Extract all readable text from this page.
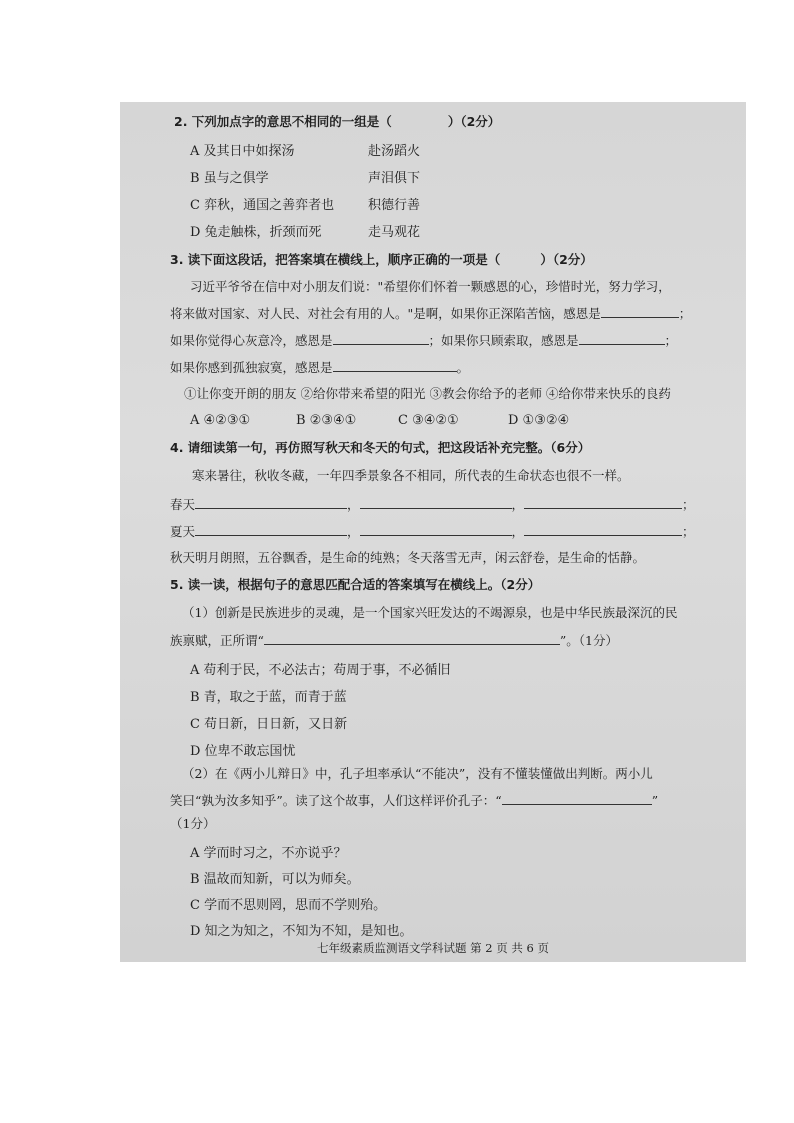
2. 下列加点字的意思不相同的一组是（	）（2分）
A 及其日中如探汤	赴汤蹈火
B 虽与之俱学	声泪俱下
C 弈秋，通国之善弈者也	积德行善
D 兔走触株，折颈而死	走马观花
3. 读下面这段话，把答案填在横线上，顺序正确的一项是（	）（2分）
习近平爷爷在信中对小朋友们说："希望你们怀着一颗感恩的心，珍惜时光，努力学习，
将来做对国家、对人民、对社会有用的人。"是啊，如果你正深陷苦恼，感恩是	；
如果你觉得心灰意冷，感恩是	；如果你只顾索取，感恩是	；
如果你感到孤独寂寞，感恩是	。
①让你变开朗的朋友 ②给你带来希望的阳光 ③教会你给予的老师 ④给你带来快乐的良药
A ④②③①	B ②③④①	C ③④②①	D ①③②④
4. 请细读第一句，再仿照写秋天和冬天的句式，把这段话补充完整。（6分）
寒来暑往，秋收冬藏，一年四季景象各不相同，所代表的生命状态也很不一样。
春天	，	，	；
夏天	，	，	；
秋天明月朗照，五谷飘香，是生命的纯熟；冬天落雪无声，闲云舒卷，是生命的恬静。
5. 读一读，根据句子的意思匹配合适的答案填写在横线上。（2分）
（1）创新是民族进步的灵魂，是一个国家兴旺发达的不竭源泉，也是中华民族最深沉的民
族禀赋，正所谓“	”。（1分）
A 苟利于民，不必法古；苟周于事，不必循旧
B 青，取之于蓝，而青于蓝
C 苟日新，日日新，又日新
D 位卑不敢忘国忧
（2）在《两小儿辩日》中，孔子坦率承认“不能决”，没有不懂装懂做出判断。两小儿
笑曰“孰为汝多知乎”。读了这个故事，人们这样评价孔子：“	”
（1分）
A 学而时习之，不亦说乎？
B 温故而知新，可以为师矣。
C 学而不思则罔，思而不学则殆。
D 知之为知之，不知为不知，是知也。
七年级素质监测语文学科试题 第 2 页 共 6 页
